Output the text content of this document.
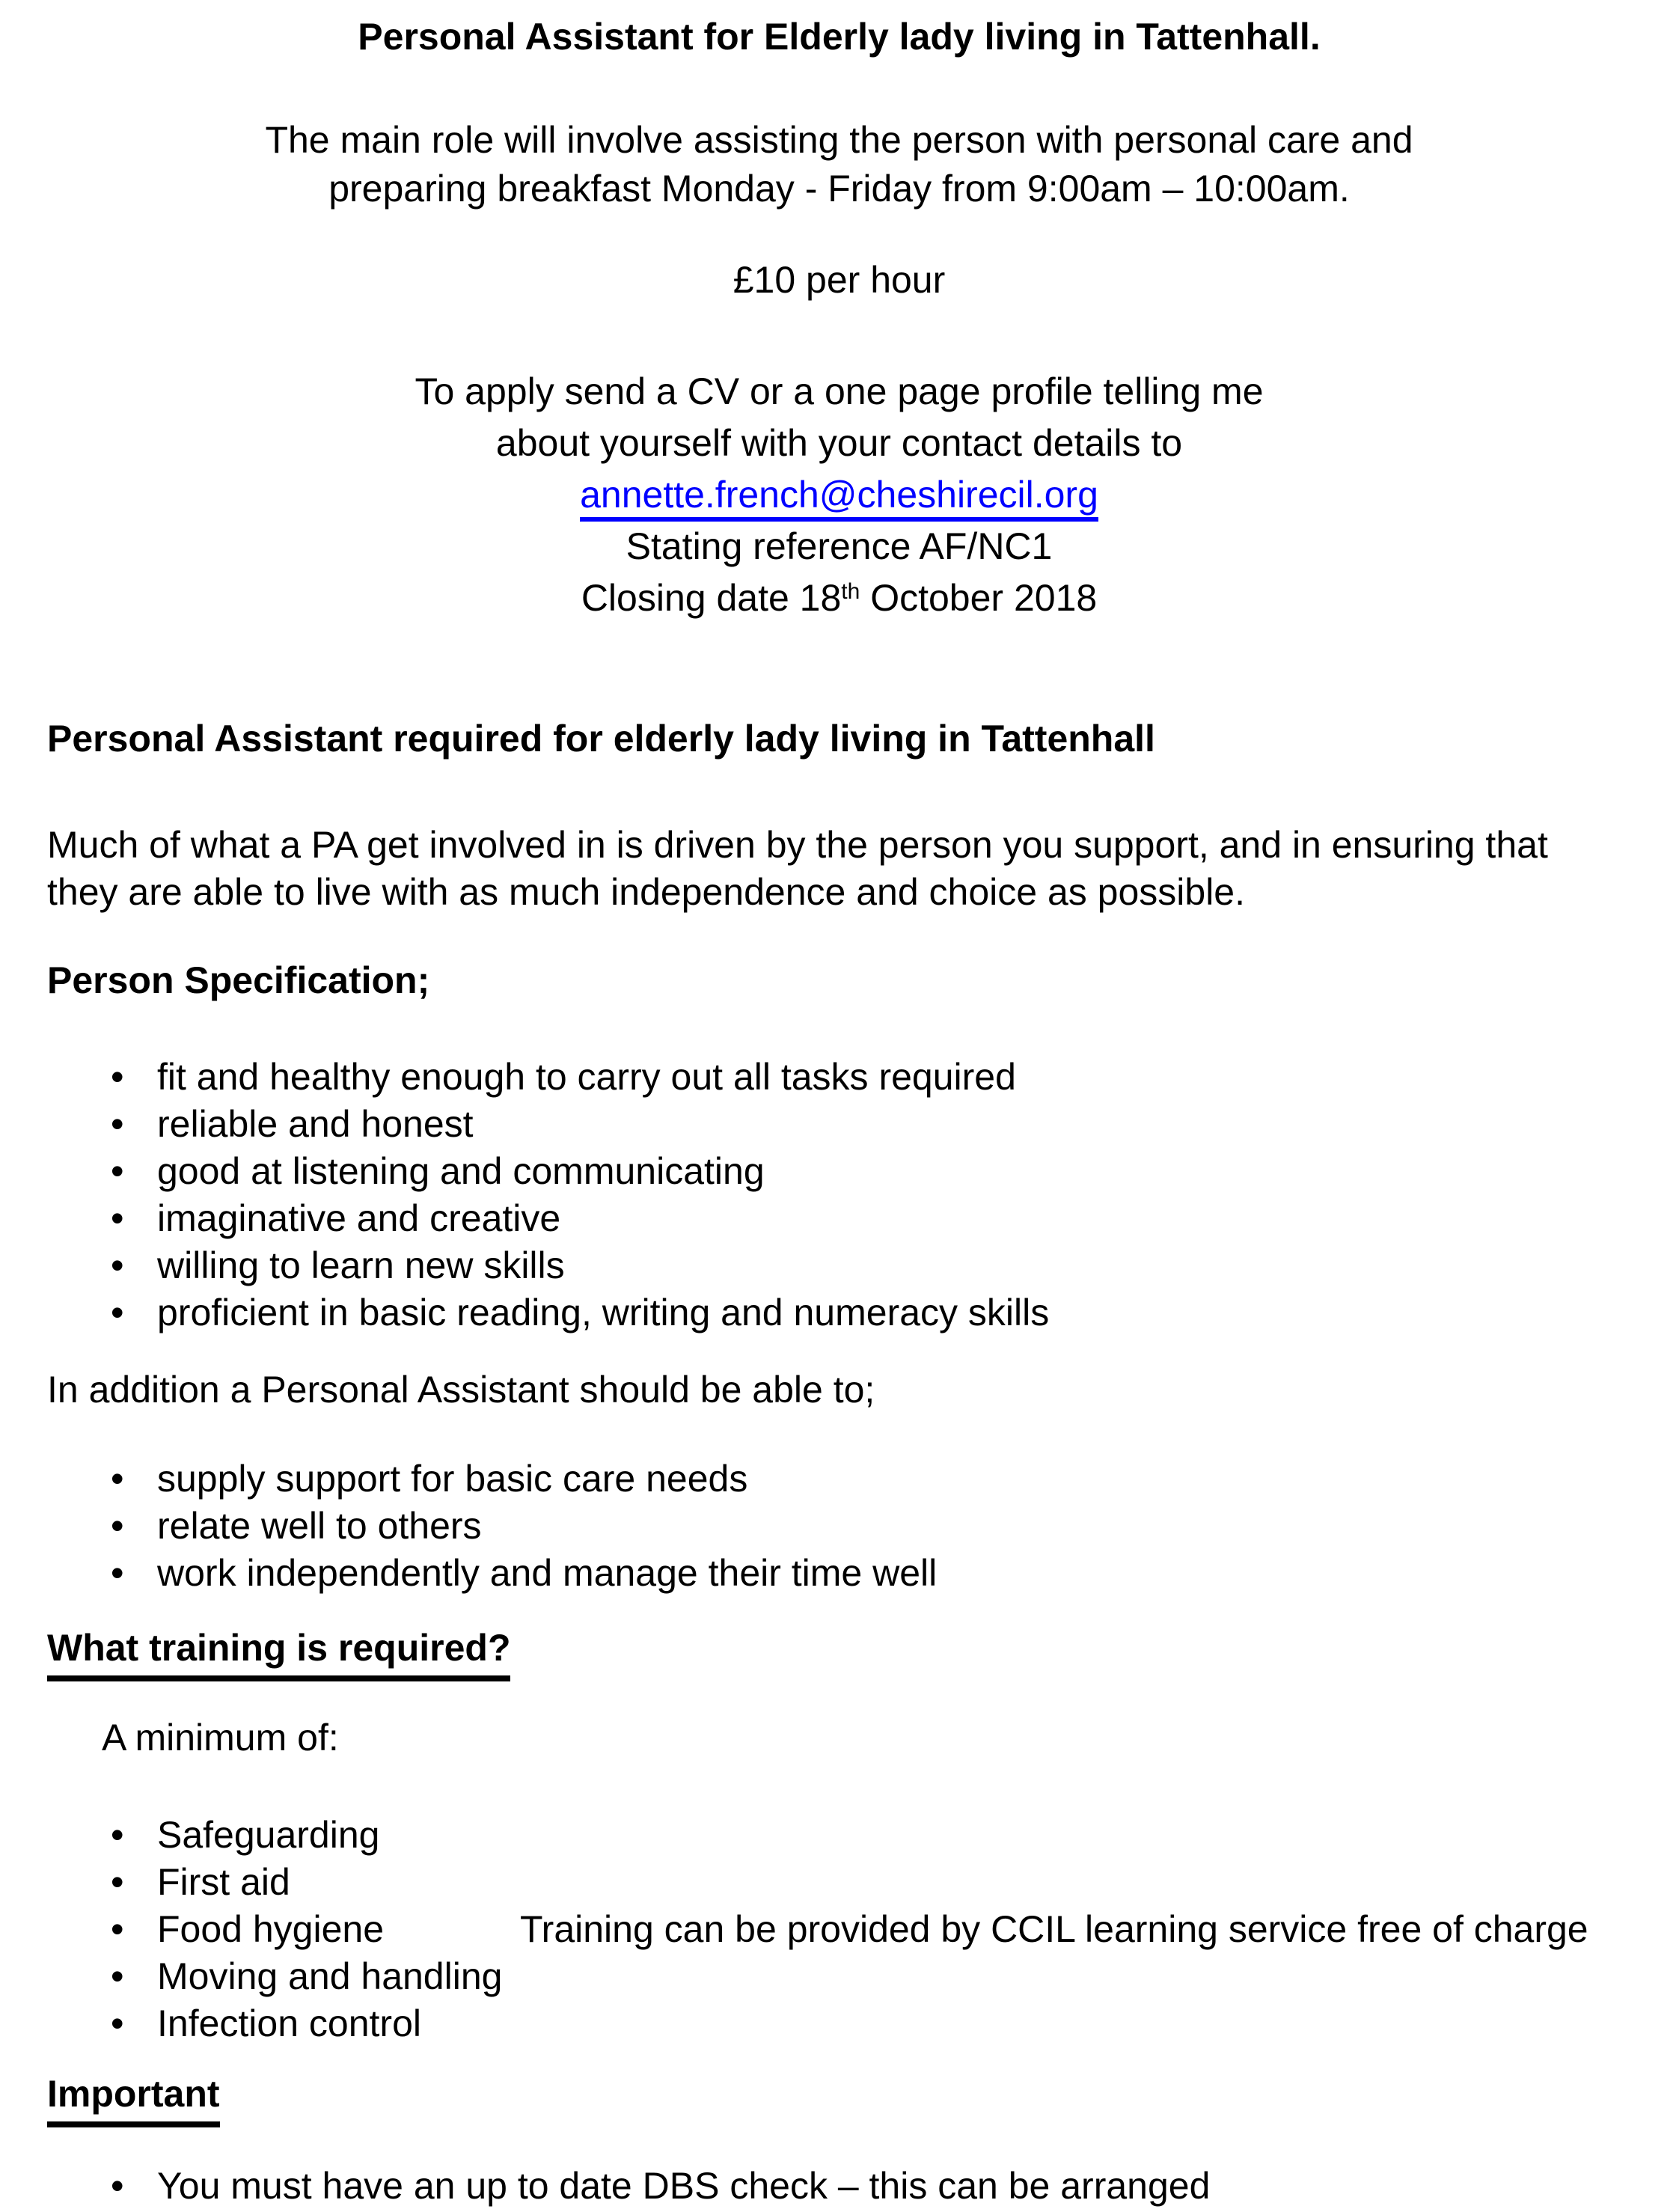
Personal Assistant for Elderly lady living in Tattenhall.
The main role will involve assisting the person with personal care and
preparing breakfast Monday - Friday from 9:00am – 10:00am.
£10 per hour
To apply send a CV or a one page profile telling me
about yourself with your contact details to
annette.french@cheshirecil.org
Stating reference AF/NC1
Closing date 18th October 2018
Personal Assistant required for elderly lady living in Tattenhall
Much of what a PA get involved in is driven by the person you support, and in ensuring that
they are able to live with as much independence and choice as possible.
Person Specification;
• fit and healthy enough to carry out all tasks required
• reliable and honest
• good at listening and communicating
• imaginative and creative
• willing to learn new skills
• proficient in basic reading, writing and numeracy skills
In addition a Personal Assistant should be able to;
• supply support for basic care needs
• relate well to others
• work independently and manage their time well
What training is required?
A minimum of:
• Safeguarding
• First aid
• Food hygiene	Training can be provided by CCIL learning service free of charge
• Moving and handling
• Infection control
Important
• You must have an up to date DBS check – this can be arranged
